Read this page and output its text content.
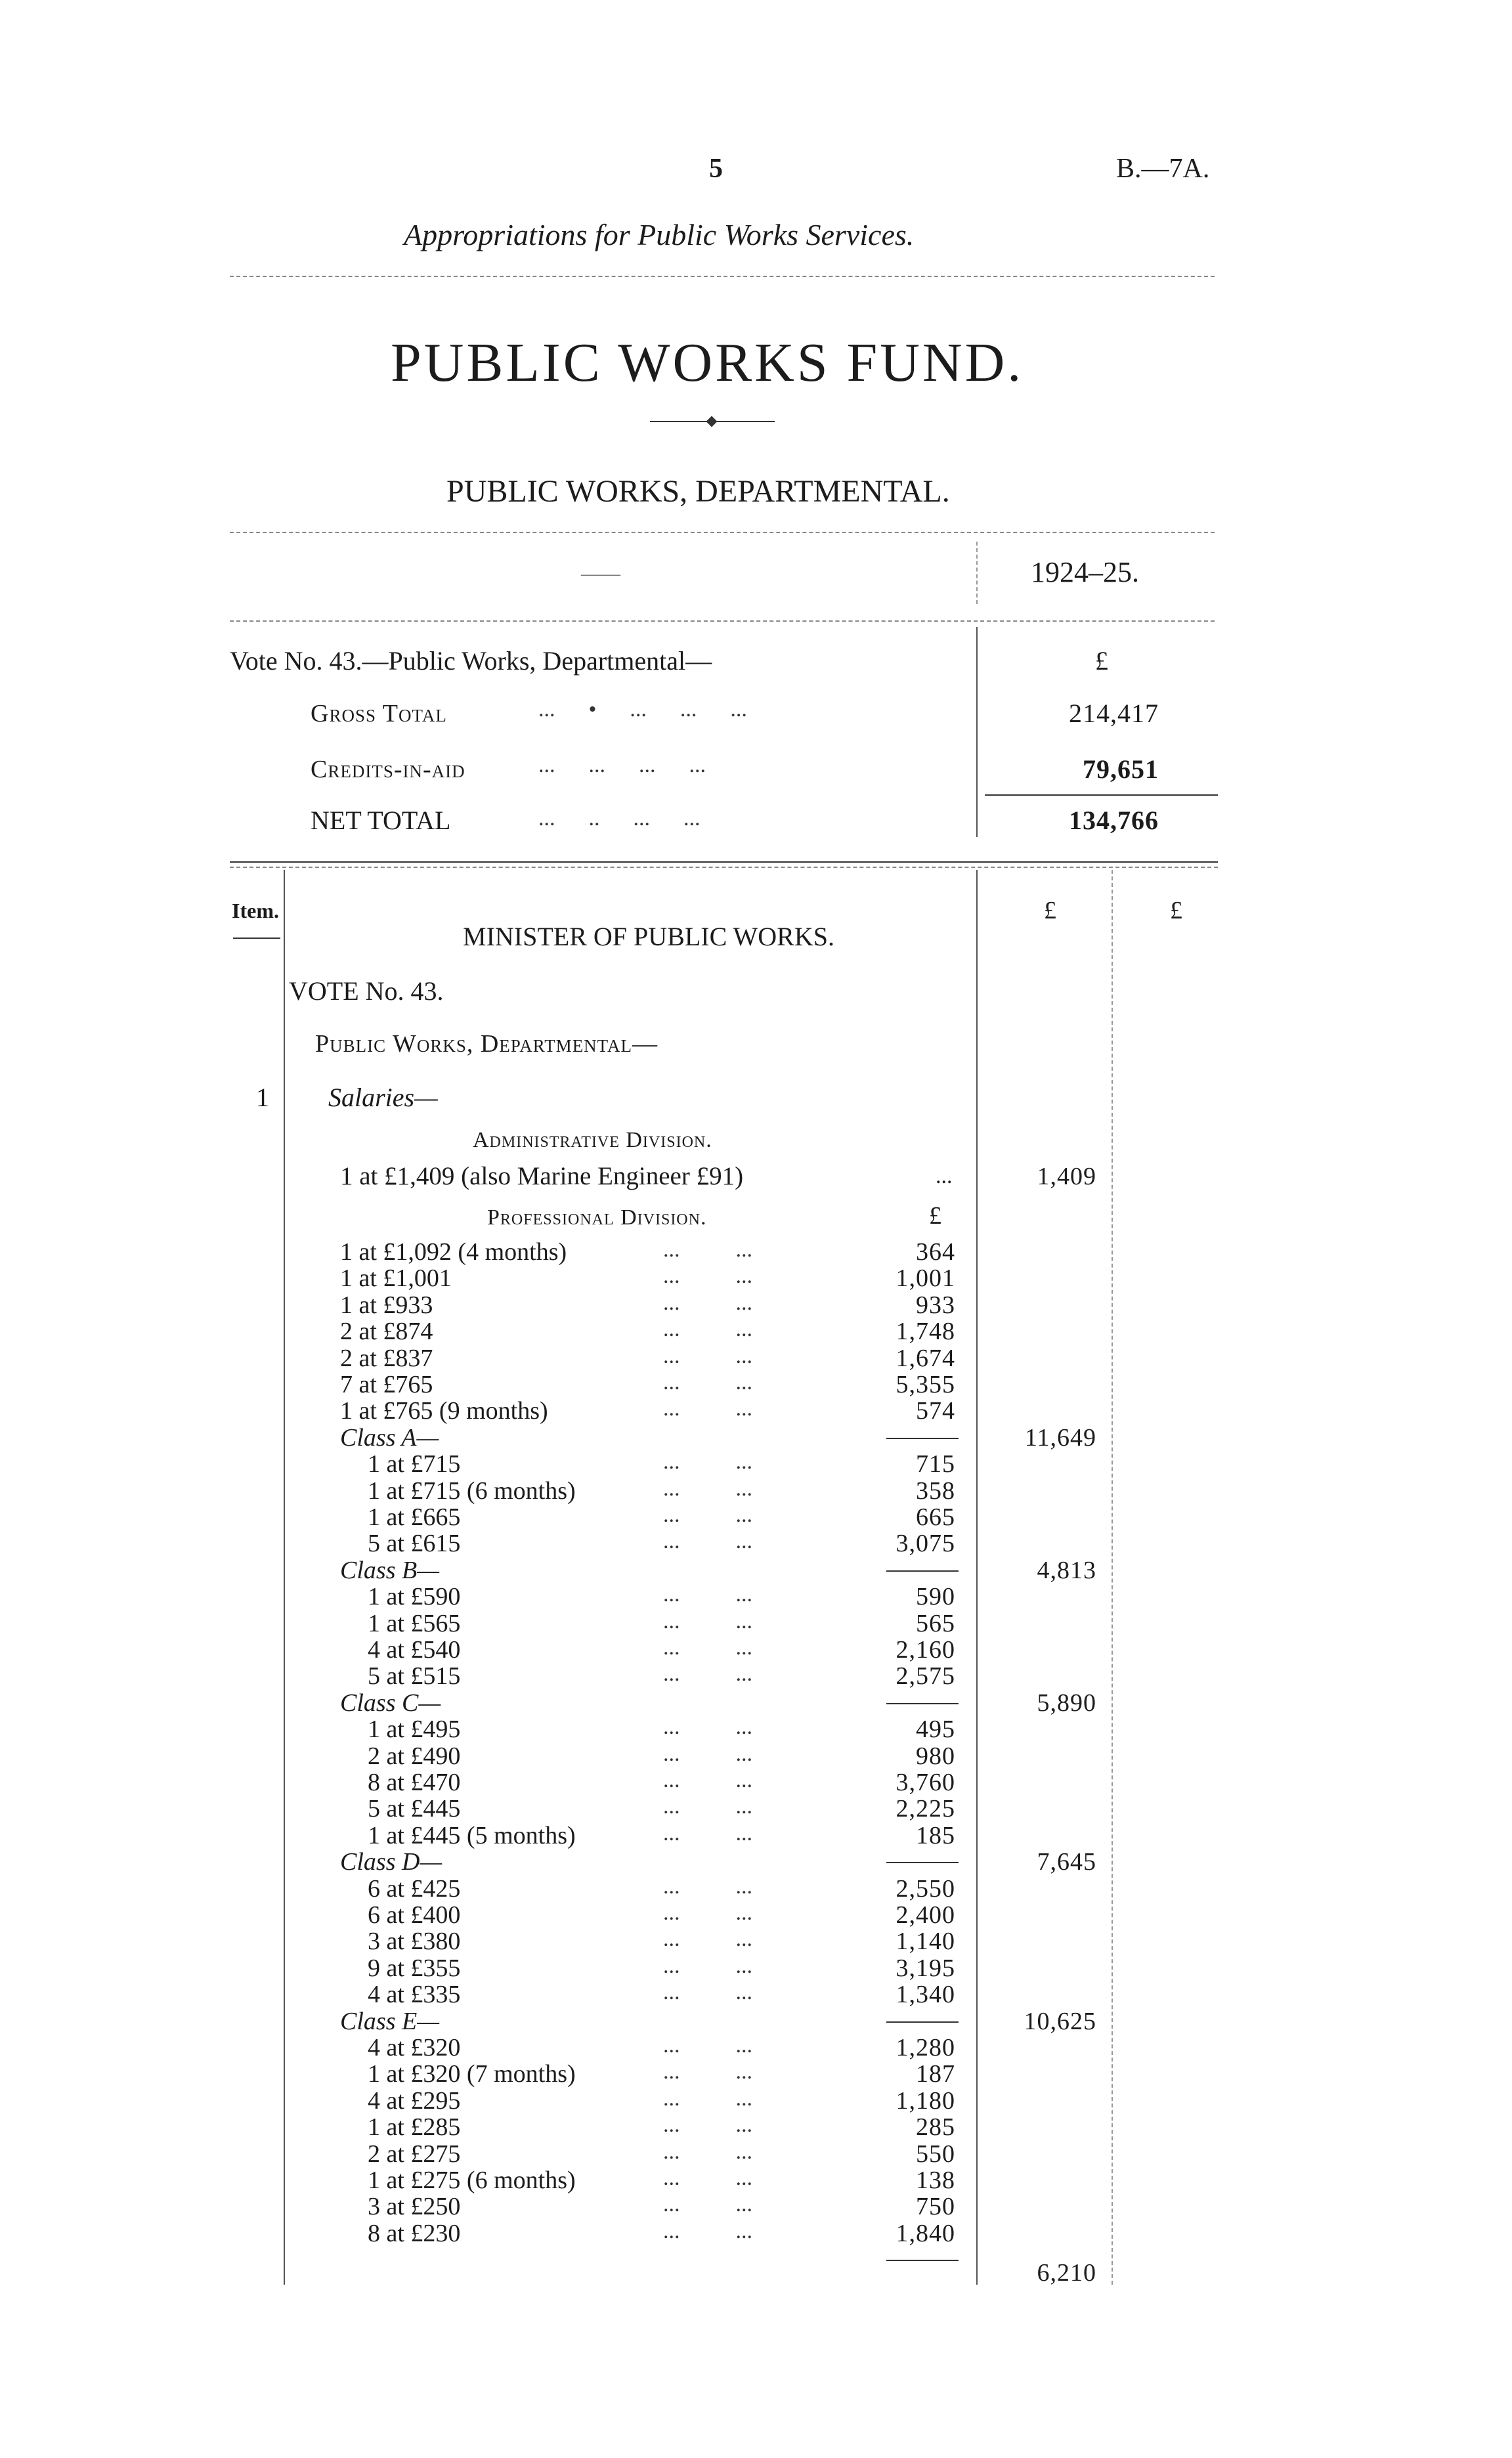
5	B.—7A.
Appropriations for Public Works Services.
PUBLIC WORKS FUND.
PUBLIC WORKS, DEPARTMENTAL.
——	1924–25.
Vote No. 43.—Public Works, Departmental—	£
Gross Total	...      •      ...      ...      ...	214,417
Credits-in-aid	...      ...      ...      ...	79,651
NET TOTAL	...      ..      ...      ...	134,766
Item.	£	£
MINISTER OF PUBLIC WORKS.
VOTE No. 43.
Public Works, Departmental—
1 Salaries—
Administrative Division.
1 at £1,409 (also Marine Engineer £91)	...	1,409
Professional Division.	£
1 at £1,092 (4 months)	...          ...	364
1 at £1,001	...          ...	1,001
1 at £933	...          ...	933
2 at £874	...          ...	1,748
2 at £837	...          ...	1,674
7 at £765	...          ...	5,355
1 at £765 (9 months)	...          ...	574
Class A—	11,649
1 at £715	...          ...	715
1 at £715 (6 months)	...          ...	358
1 at £665	...          ...	665
5 at £615	...          ...	3,075
Class B—	4,813
1 at £590	...          ...	590
1 at £565	...          ...	565
4 at £540	...          ...	2,160
5 at £515	...          ...	2,575
Class C—	5,890
1 at £495	...          ...	495
2 at £490	...          ...	980
8 at £470	...          ...	3,760
5 at £445	...          ...	2,225
1 at £445 (5 months)	...          ...	185
Class D—	7,645
6 at £425	...          ...	2,550
6 at £400	...          ...	2,400
3 at £380	...          ...	1,140
9 at £355	...          ...	3,195
4 at £335	...          ...	1,340
Class E—	10,625
4 at £320	...          ...	1,280
1 at £320 (7 months)	...          ...	187
4 at £295	...          ...	1,180
1 at £285	...          ...	285
2 at £275	...          ...	550
1 at £275 (6 months)	...          ...	138
3 at £250	...          ...	750
8 at £230	...          ...	1,840
6,210
